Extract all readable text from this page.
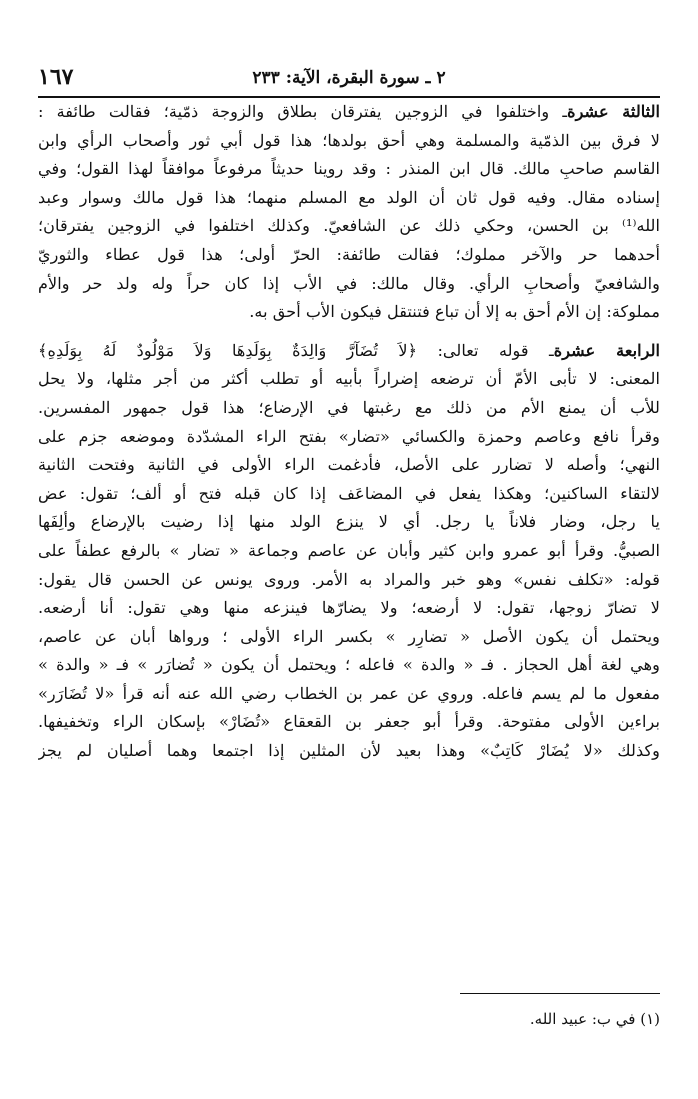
٢ ـ سورة البقرة، الآية: ٢٣٣
١٦٧
الثالثة عشرةـ واختلفوا في الزوجين يفترقان بطلاق والزوجة ذمّية؛ فقالت طائفة :
لا فرق بين الذمّية والمسلمة وهي أحق بولدها؛ هذا قول أبي ثور وأصحاب الرأي وابن
القاسم صاحبِ مالك. قال ابن المنذر : وقد روينا حديثاً مرفوعاً موافقاً لهذا القول؛ وفي
إسناده مقال. وفيه قول ثان أن الولد مع المسلم منهما؛ هذا قول مالك وسوار وعبد
الله⁽¹⁾ بن الحسن، وحكي ذلك عن الشافعيّ. وكذلك اختلفوا في الزوجين يفترقان؛
أحدهما حر والآخر مملوك؛ فقالت طائفة: الحرّ أولى؛ هذا قول عطاء والثوريّ
والشافعيّ وأصحابِ الرأي. وقال مالك: في الأب إذا كان حراً وله ولد حر والأم
مملوكة: إن الأم أحق به إلا أن تباع فتنتقل فيكون الأب أحق به.
الرابعة عشرةـ قوله تعالى: ﴿لاَ تُضَآرَّ وَالِدَةٌ بِوَلَدِهَا وَلاَ مَوْلُودٌ لَهُ بِوَلَدِهِ﴾
المعنى: لا تأبى الأمّ أن ترضعه إضراراً بأبيه أو تطلب أكثر من أجر مثلها، ولا يحل
للأب أن يمنع الأم من ذلك مع رغبتها في الإرضاع؛ هذا قول جمهور المفسرين.
وقرأ نافع وعاصم وحمزة والكسائي «تضار» بفتح الراء المشدّدة وموضعه جزم على
النهي؛ وأصله لا تضارر على الأصل، فأدغمت الراء الأولى في الثانية وفتحت الثانية
لالتقاء الساكنين؛ وهكذا يفعل في المضاعَف إذا كان قبله فتح أو ألف؛ تقول: عض
يا رجل، وضار فلاناً يا رجل. أي لا ينزع الولد منها إذا رضيت بالإرضاع وألِفَها
الصبيُّ. وقرأ أبو عمرو وابن كثير وأبان عن عاصم وجماعة « تضار » بالرفع عطفاً على
قوله: «تكلف نفس» وهو خبر والمراد به الأمر. وروى يونس عن الحسن قال يقول:
لا تضارّ زوجها، تقول: لا أرضعه؛ ولا يضارّها فينزعه منها وهي تقول: أنا أرضعه.
ويحتمل أن يكون الأصل « تضارِر » بكسر الراء الأولى ؛ ورواها أبان عن عاصم،
وهي لغة أهل الحجاز . فـ « والدة » فاعله ؛ ويحتمل أن يكون « تُضارَر » فـ « والدة »
مفعول ما لم يسم فاعله. وروي عن عمر بن الخطاب رضي الله عنه أنه قرأ «لا تُضَارَر»
براءين الأولى مفتوحة. وقرأ أبو جعفر بن القعقاع «تُضَارْ» بإسكان الراء وتخفيفها.
وكذلك «لا يُضَارْ كَاتِبٌ» وهذا بعيد لأن المثلين إذا اجتمعا وهما أصليان لم يجز
(١) في ب: عبيد الله.
